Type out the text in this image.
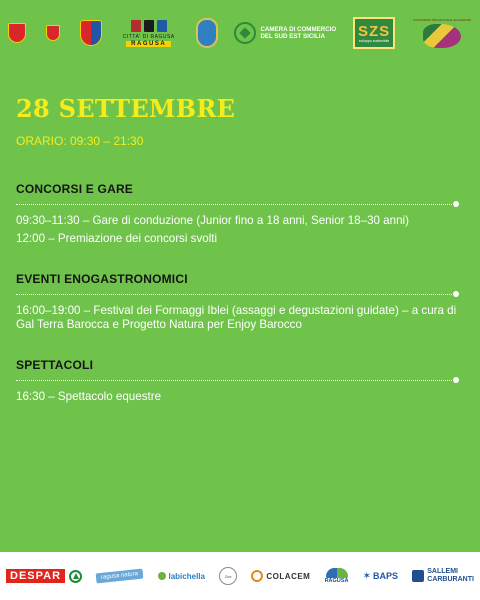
CITTA' DI RAGUSA
RAGUSA
CAMERA DI COMMERCIO
DEL SUD EST SICILIA	SZS
sviluppo sostenibile
CONSORZIO PROVINCIALE ALLEVATORI
28 SETTEMBRE
ORARIO: 09:30 – 21:30
CONCORSI E GARE
09:30–11:30 – Gare di conduzione (Junior fino a 18 anni, Senior 18–30 anni)
12:00 – Premiazione dei concorsi svolti
EVENTI ENOGASTRONOMICI
16:00–19:00 – Festival dei Formaggi Iblei (assaggi e degustazioni guidate) – a cura di Gal Terra Barocca e Progetto Natura per Enjoy Barocco
SPETTACOLI
16:30 – Spettacolo equestre
DESPAR	ragusa natura	labichella	Zoe	COLACEM
RAGUSA ✶ BAPS	SALLEMI
CARBURANTI
